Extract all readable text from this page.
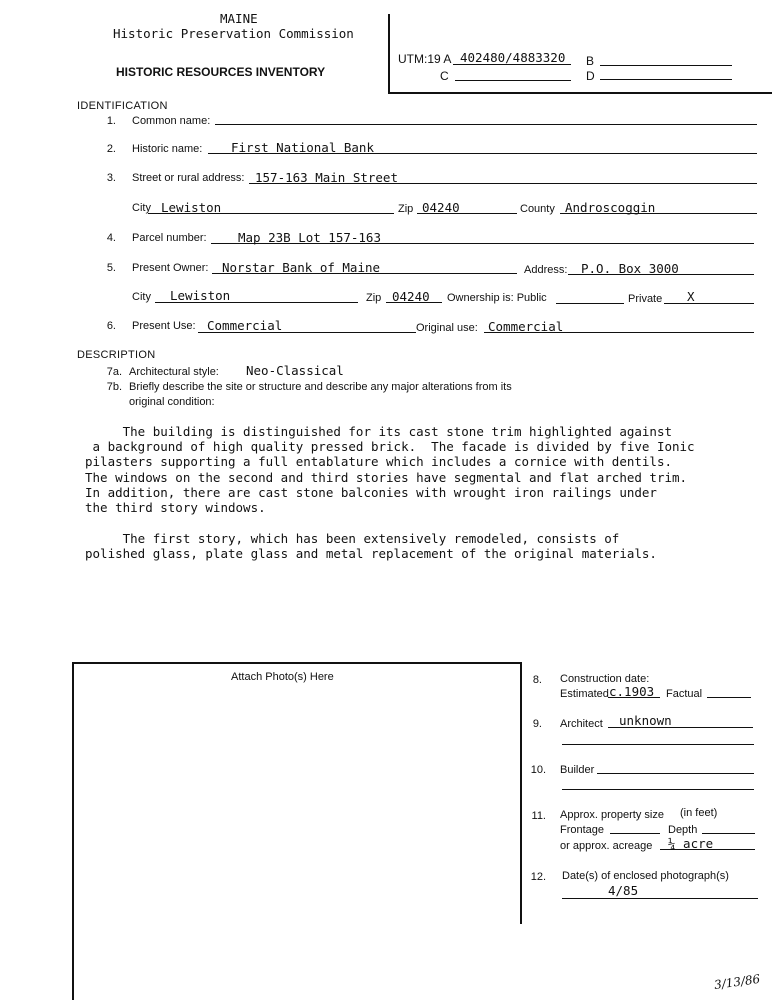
MAINE
Historic Preservation Commission
HISTORIC RESOURCES INVENTORY
UTM:19 A 402480/4883320 B
C	D
IDENTIFICATION
1. Common name:
2. Historic name: First National Bank
3. Street or rural address: 157-163 Main Street
City Lewiston	Zip 04240	County Androscoggin
4. Parcel number:	Map 23B Lot 157-163
5. Present Owner: Norstar Bank of Maine	Address: P.O. Box 3000
City Lewiston	Zip 04240 Ownership is: Public	Private X
6. Present Use: Commercial	Original use: Commercial
DESCRIPTION
7a. Architectural style: Neo-Classical
7b. Briefly describe the site or structure and describe any major alterations from its
original condition:
The building is distinguished for its cast stone trim highlighted against
a background of high quality pressed brick.  The facade is divided by five Ionic
pilasters supporting a full entablature which includes a cornice with dentils.
The windows on the second and third stories have segmental and flat arched trim.
In addition, there are cast stone balconies with wrought iron railings under
the third story windows.
The first story, which has been extensively remodeled, consists of
polished glass, plate glass and metal replacement of the original materials.
Attach Photo(s) Here	8. Construction date:
Estimated c.1903 Factual
9. Architect unknown
10. Builder
11. Approx. property size (in feet)
Frontage	Depth
or approx. acreage ¼ acre
12. Date(s) of enclosed photograph(s)
4/85
3/13/86
